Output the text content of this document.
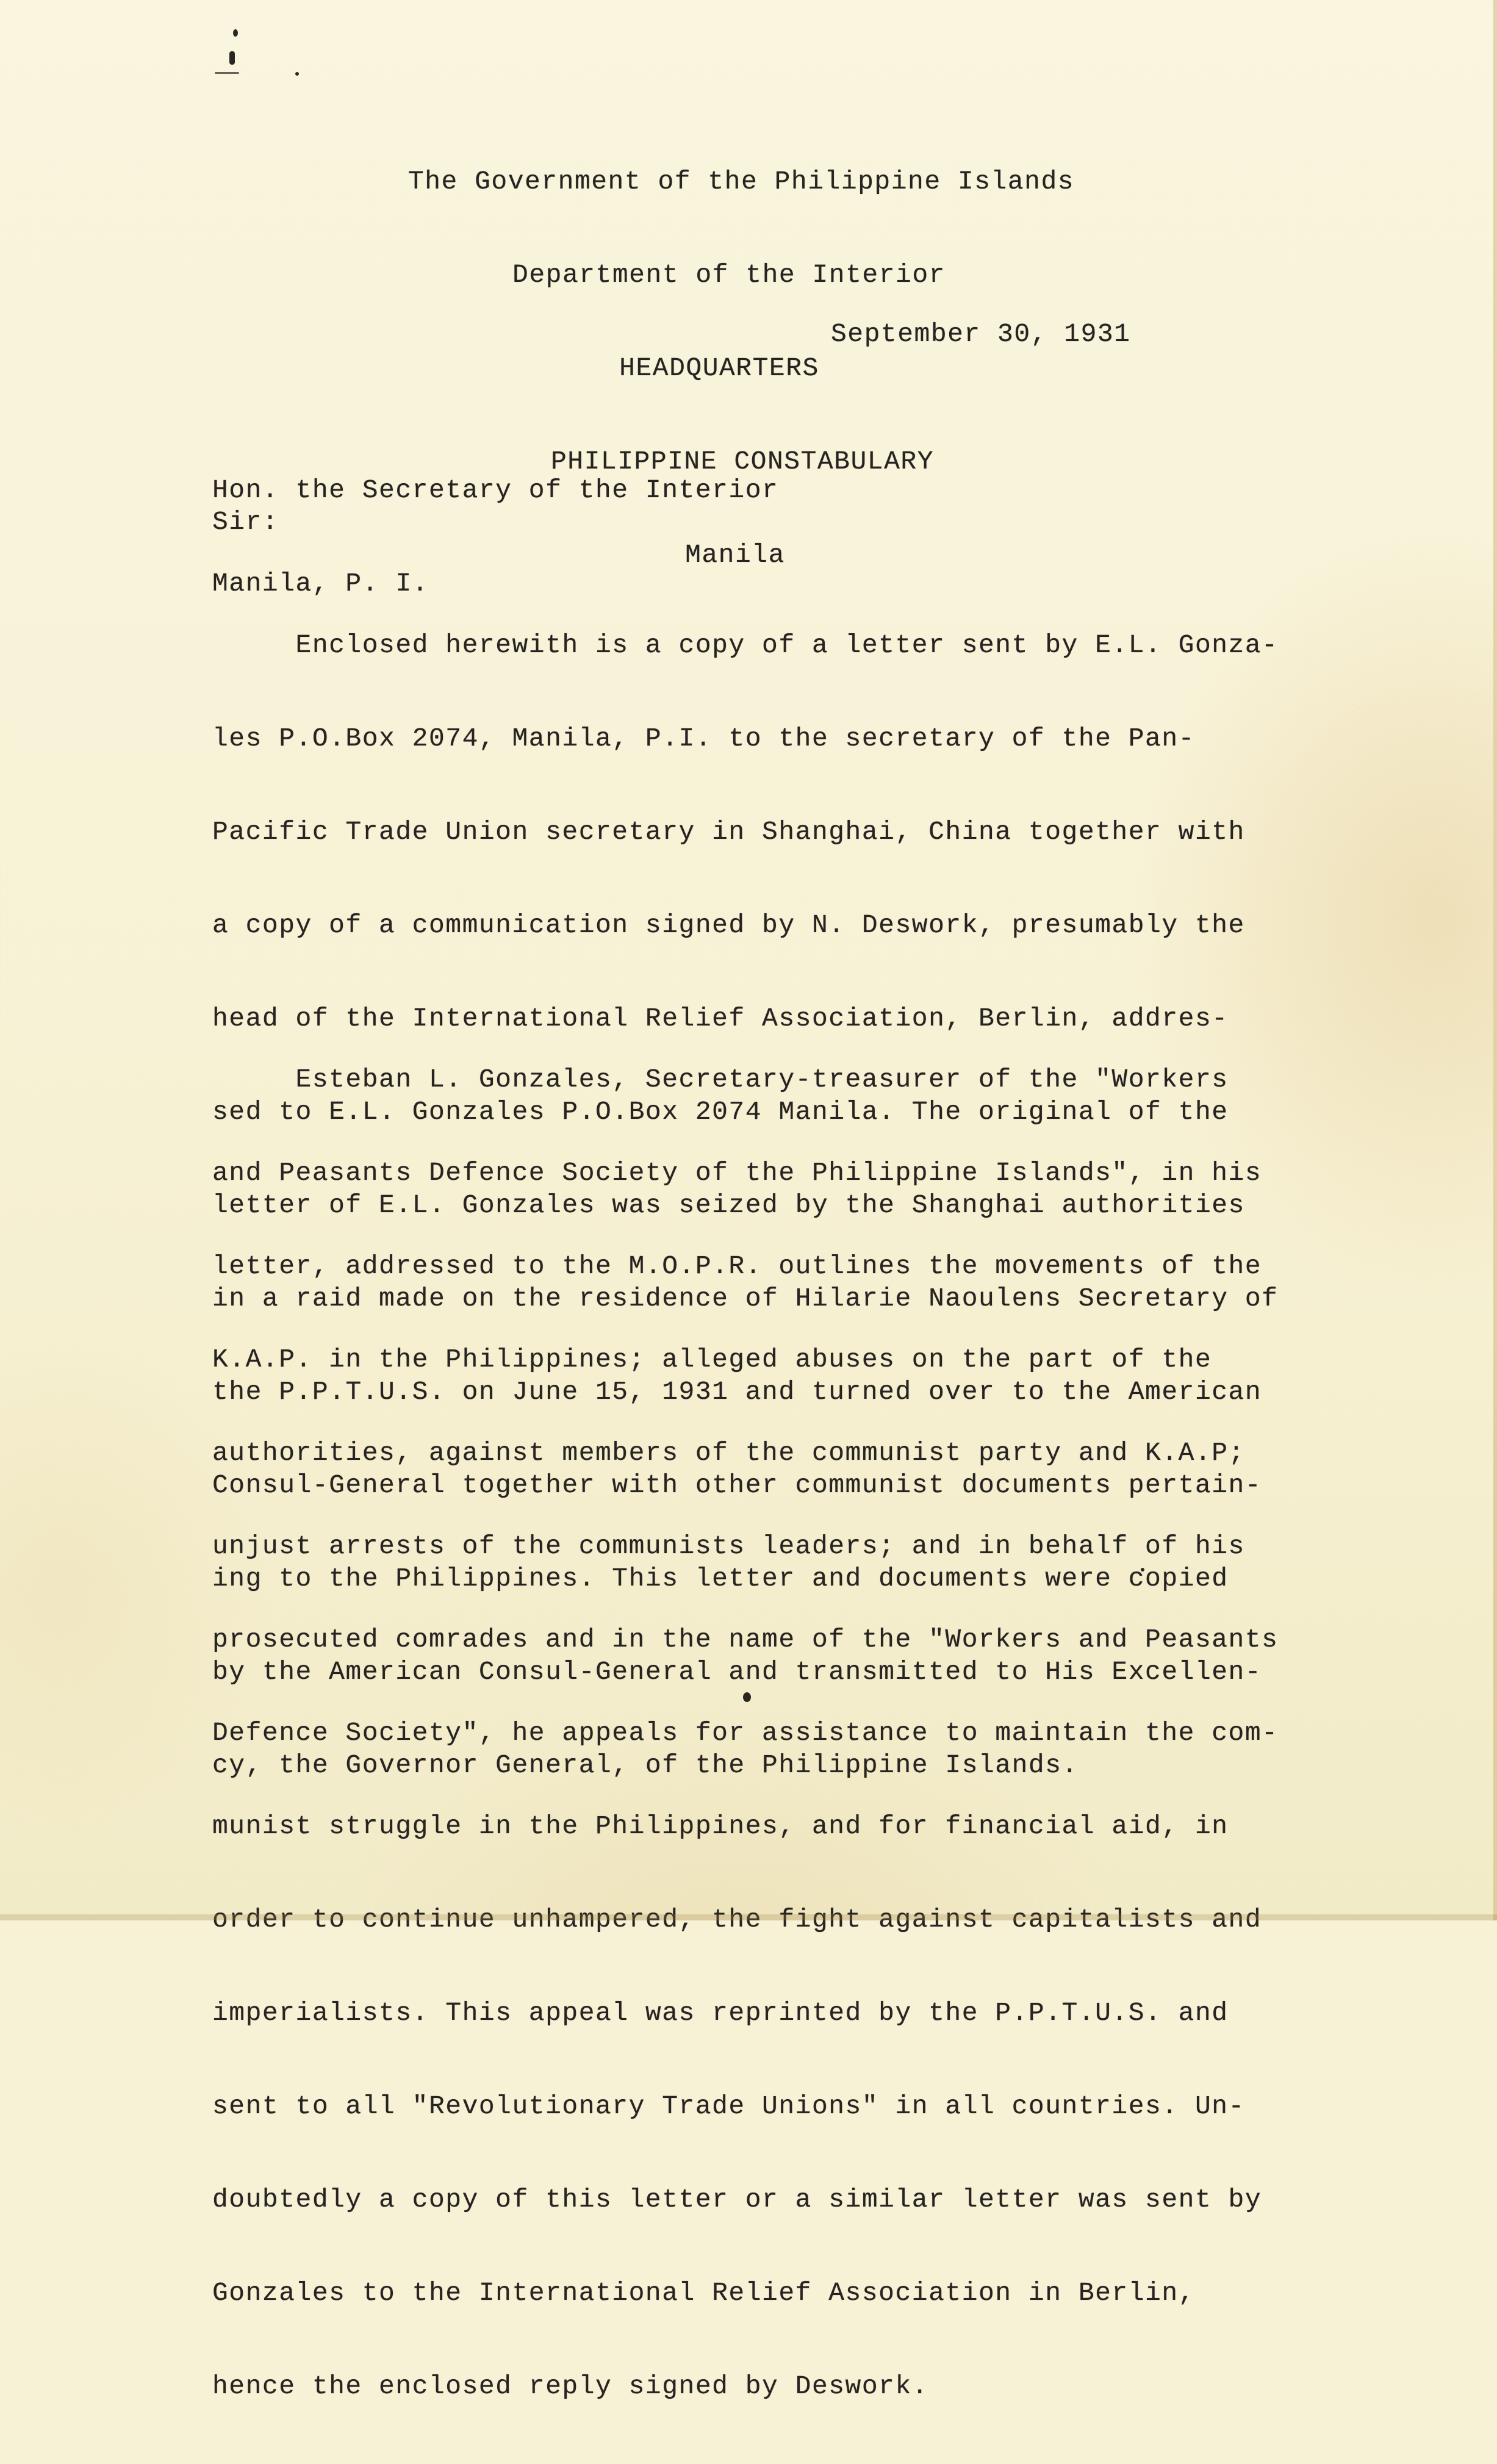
The Government of the Philippine Islands

Department of the Interior

HEADQUARTERS

PHILIPPINE CONSTABULARY

Manila

September 30, 1931

Hon. the Secretary of the Interior

Manila, P. I.

Sir:

Enclosed herewith is a copy of a letter sent by E.L. Gonza-

les P.O.Box 2074, Manila, P.I. to the secretary of the Pan-

Pacific Trade Union secretary in Shanghai, China together with

a copy of a communication signed by N. Deswork, presumably the

head of the International Relief Association, Berlin, addres-

sed to E.L. Gonzales P.O.Box 2074 Manila. The original of the

letter of E.L. Gonzales was seized by the Shanghai authorities

in a raid made on the residence of Hilarie Naoulens Secretary of

the P.P.T.U.S. on June 15, 1931 and turned over to the American

Consul-General together with other communist documents pertain-

ing to the Philippines. This letter and documents were copied

by the American Consul-General and transmitted to His Excellen-

cy, the Governor General, of the Philippine Islands.

Esteban L. Gonzales, Secretary-treasurer of the "Workers

and Peasants Defence Society of the Philippine Islands", in his

letter, addressed to the M.O.P.R. outlines the movements of the

K.A.P. in the Philippines; alleged abuses on the part of the

authorities, against members of the communist party and K.A.P;

unjust arrests of the communists leaders; and in behalf of his

prosecuted comrades and in the name of the "Workers and Peasants

Defence Society", he appeals for assistance to maintain the com-

munist struggle in the Philippines, and for financial aid, in

order to continue unhampered, the fight against capitalists and

imperialists. This appeal was reprinted by the P.P.T.U.S. and

sent to all "Revolutionary Trade Unions" in all countries. Un-

doubtedly a copy of this letter or a similar letter was sent by

Gonzales to the International Relief Association in Berlin,

hence the enclosed reply signed by Deswork.
